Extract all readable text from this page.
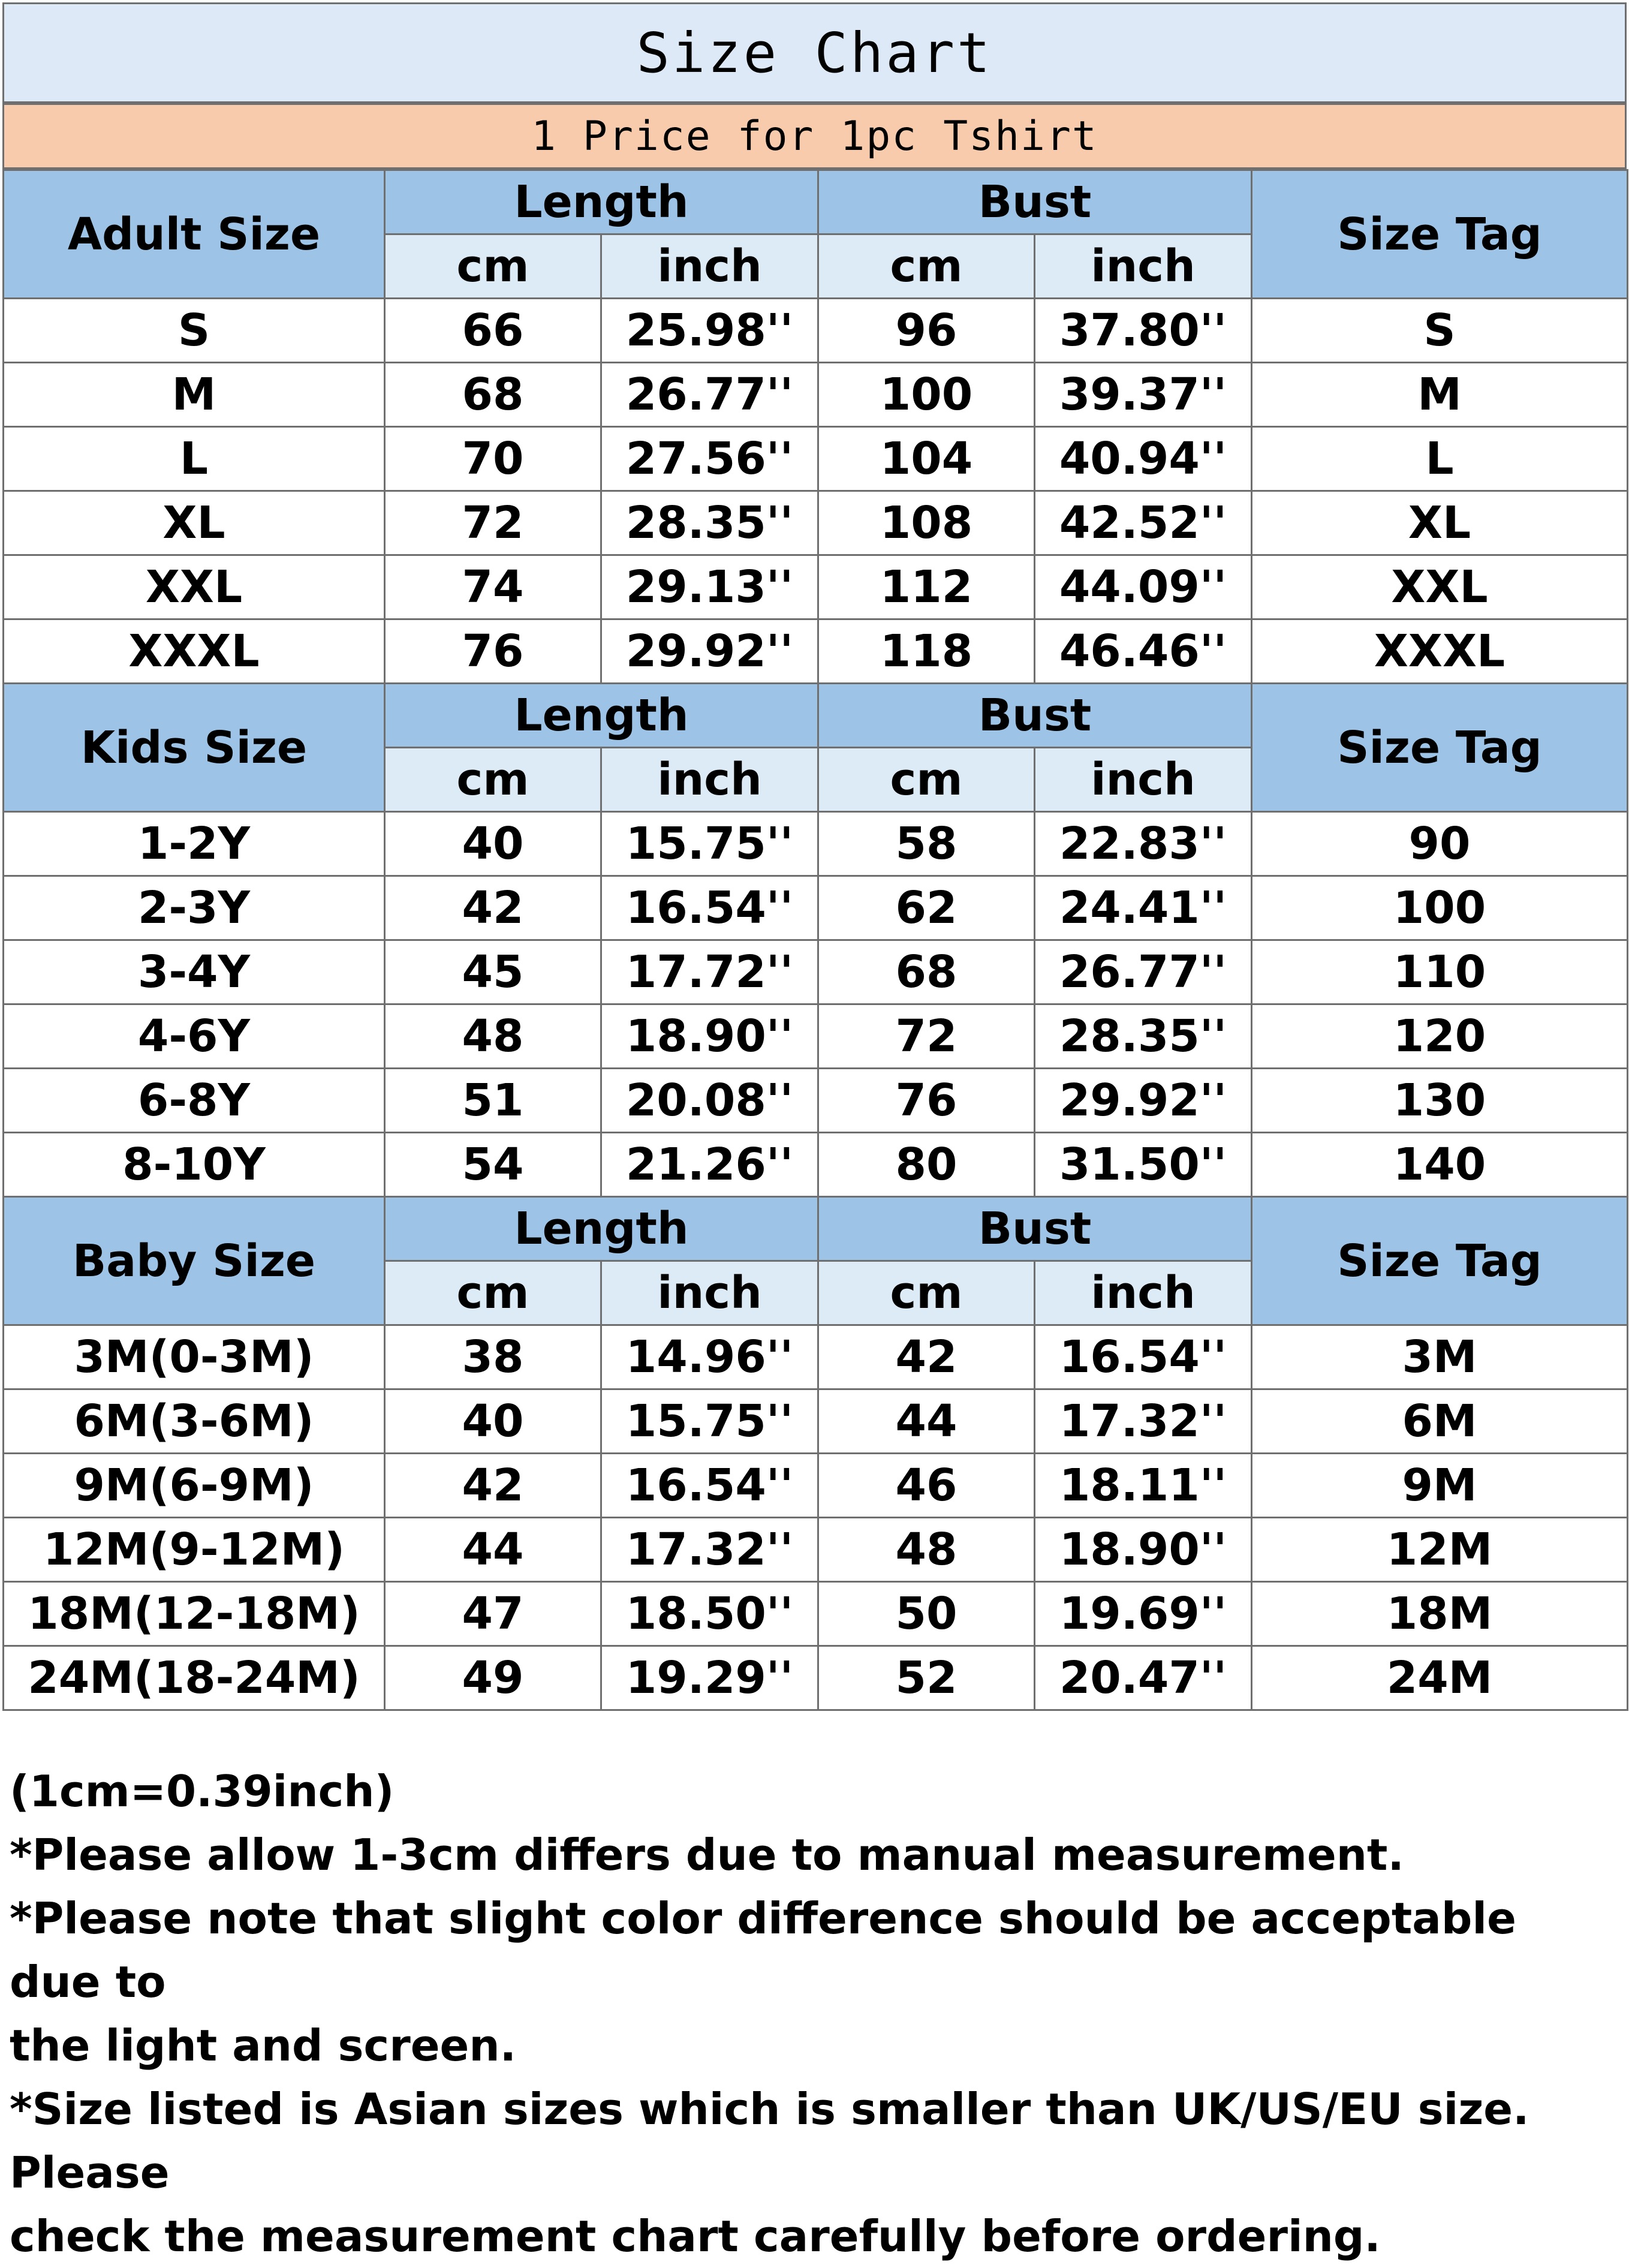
Size Chart
1 Price for 1pc Tshirt
Adult Size	Length		Bust		Size Tag
	cm	inch	cm	inch	
S	66	25.98''	96	37.80''	S
M	68	26.77''	100	39.37''	M
L	70	27.56''	104	40.94''	L
XL	72	28.35''	108	42.52''	XL
XXL	74	29.13''	112	44.09''	XXL
XXXL	76	29.92''	118	46.46''	XXXL
Kids Size	Length		Bust		Size Tag
	cm	inch	cm	inch	
1-2Y	40	15.75''	58	22.83''	90
2-3Y	42	16.54''	62	24.41''	100
3-4Y	45	17.72''	68	26.77''	110
4-6Y	48	18.90''	72	28.35''	120
6-8Y	51	20.08''	76	29.92''	130
8-10Y	54	21.26''	80	31.50''	140
Baby Size	Length		Bust		Size Tag
	cm	inch	cm	inch	
3M(0-3M)	38	14.96''	42	16.54''	3M
6M(3-6M)	40	15.75''	44	17.32''	6M
9M(6-9M)	42	16.54''	46	18.11''	9M
12M(9-12M)	44	17.32''	48	18.90''	12M
18M(12-18M)	47	18.50''	50	19.69''	18M
24M(18-24M)	49	19.29''	52	20.47''	24M
(1cm=0.39inch)
*Please allow 1-3cm differs due to manual measurement.
*Please note that slight color difference should be acceptable due to
the light and screen.
*Size listed is Asian sizes which is smaller than UK/US/EU size. Please
check the measurement chart carefully before ordering.
